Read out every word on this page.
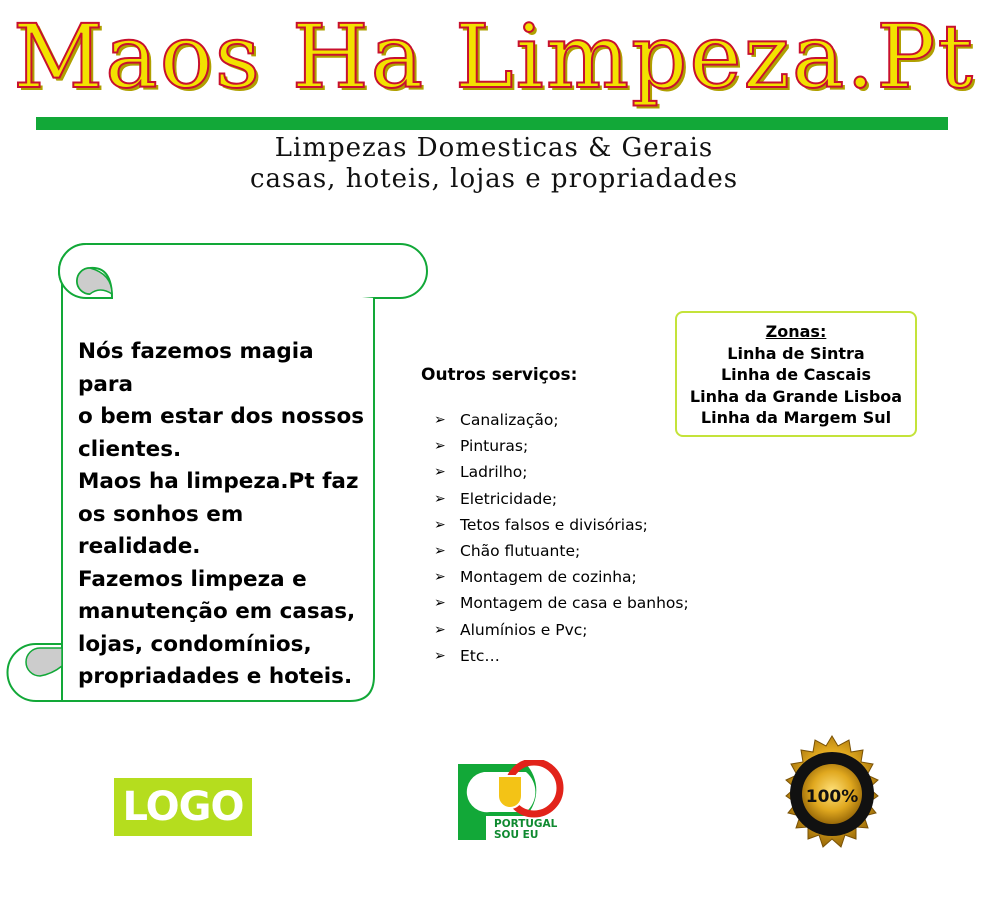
Maos Ha Limpeza.Pt
Limpezas Domesticas & Gerais
casas, hoteis, lojas e propriadades
Nós fazemos magia para
o bem estar dos nossos
clientes.
Maos ha limpeza.Pt faz
os sonhos em realidade.
Fazemos limpeza e
manutenção em casas,
lojas, condomínios,
propriadades e hoteis.
Outros serviços:
➢ Canalização;
➢ Pinturas;
➢ Ladrilho;
➢ Eletricidade;
➢ Tetos falsos e divisórias;
➢ Chão flutuante;
➢ Montagem de cozinha;
➢ Montagem de casa e banhos;
➢ Alumínios e Pvc;
➢ Etc…
Zonas:
Linha de Sintra
Linha de Cascais
Linha da Grande Lisboa
Linha da Margem Sul
LOGO	PORTUGAL
SOU EU
100%
